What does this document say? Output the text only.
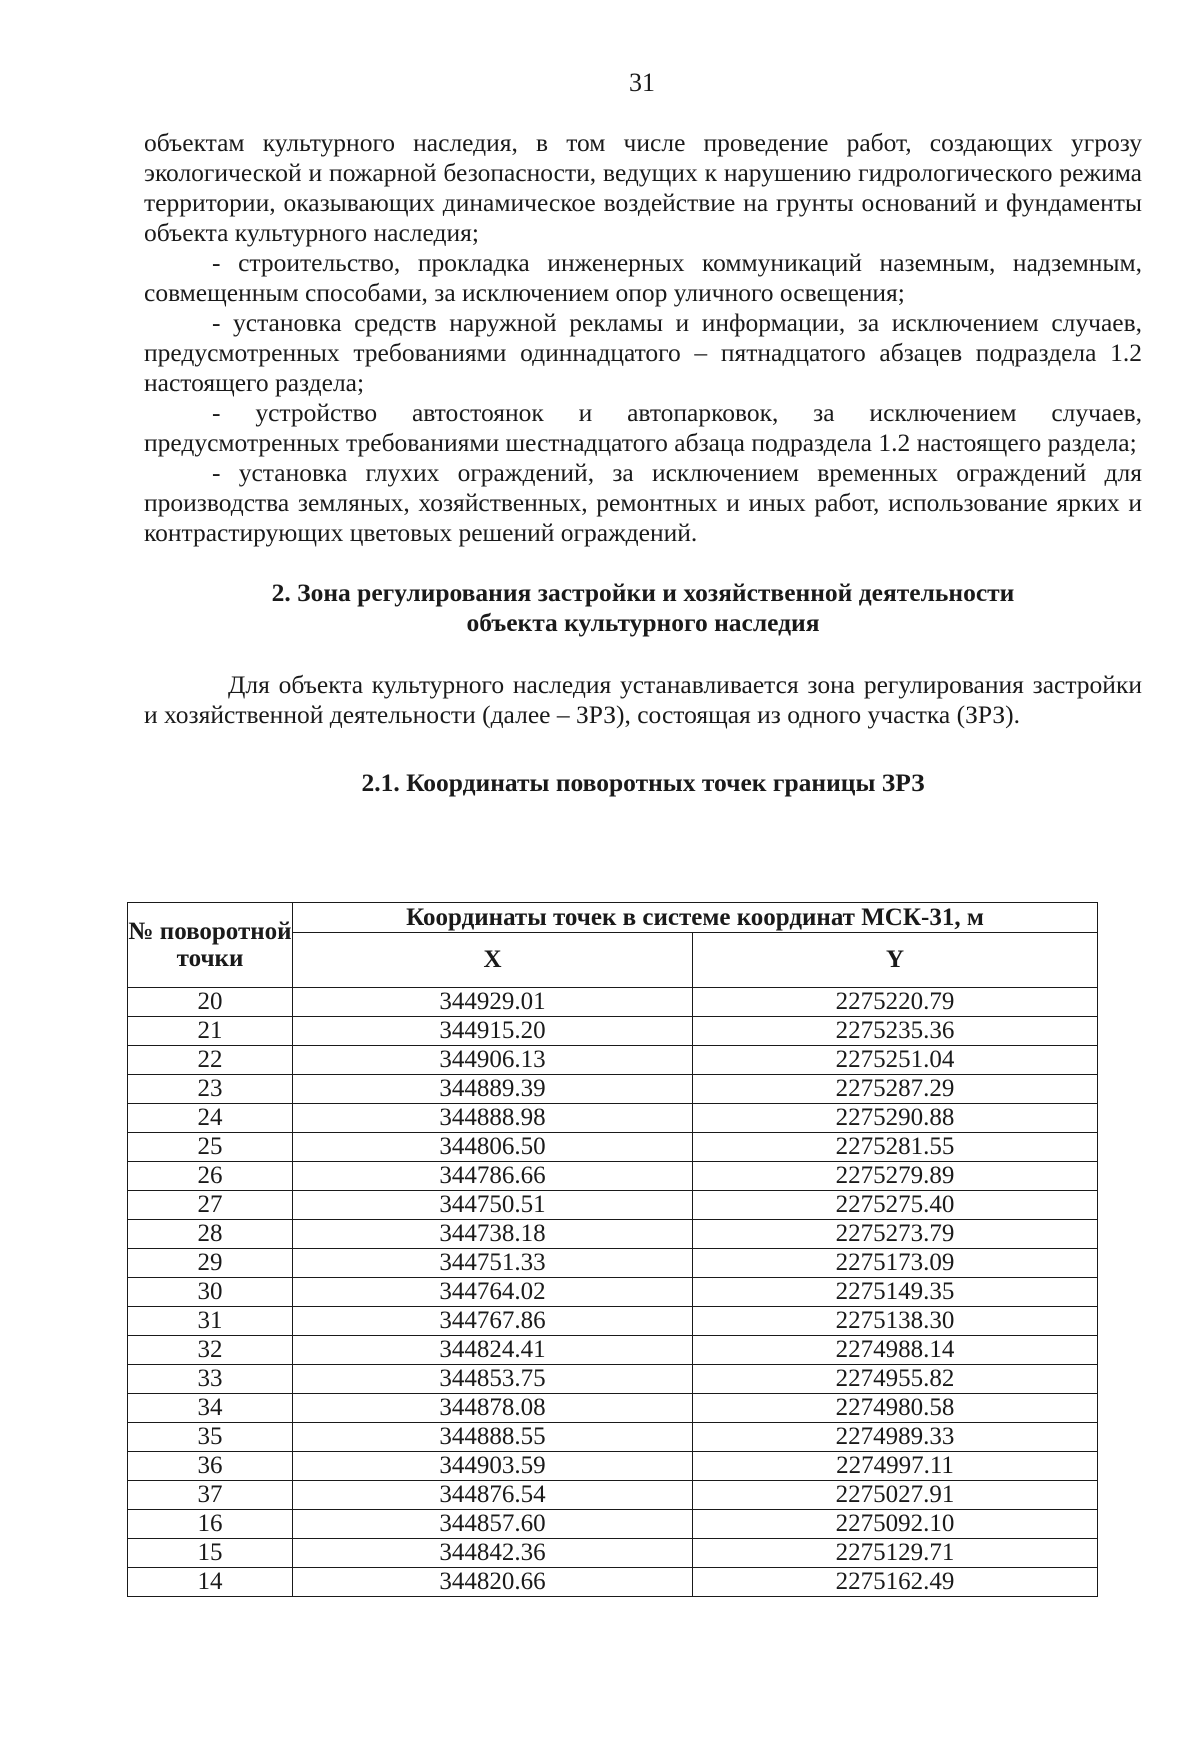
31

объектам культурного наследия, в том числе проведение работ, создающих угрозу экологической и пожарной безопасности, ведущих к нарушению гидрологического режима территории, оказывающих динамическое воздействие на грунты оснований и фундаменты объекта культурного наследия;

- строительство, прокладка инженерных коммуникаций наземным, надземным, совмещенным способами, за исключением опор уличного освещения;

- установка средств наружной рекламы и информации, за исключением случаев, предусмотренных требованиями одиннадцатого – пятнадцатого абзацев подраздела 1.2 настоящего раздела;

- устройство автостоянок и автопарковок, за исключением случаев, предусмотренных требованиями шестнадцатого абзаца подраздела 1.2 настоящего раздела;

- установка глухих ограждений, за исключением временных ограждений для производства земляных, хозяйственных, ремонтных и иных работ, использование ярких и контрастирующих цветовых решений ограждений.

2. Зона регулирования застройки и хозяйственной деятельности

объекта культурного наследия

Для объекта культурного наследия устанавливается зона регулирования застройки и хозяйственной деятельности (далее – ЗРЗ), состоящая из одного участка (ЗРЗ).

2.1. Координаты поворотных точек границы ЗРЗ

№ поворотной точки	Координаты точек в системе координат МСК-31, м	
	X	Y
20	344929.01	2275220.79
21	344915.20	2275235.36
22	344906.13	2275251.04
23	344889.39	2275287.29
24	344888.98	2275290.88
25	344806.50	2275281.55
26	344786.66	2275279.89
27	344750.51	2275275.40
28	344738.18	2275273.79
29	344751.33	2275173.09
30	344764.02	2275149.35
31	344767.86	2275138.30
32	344824.41	2274988.14
33	344853.75	2274955.82
34	344878.08	2274980.58
35	344888.55	2274989.33
36	344903.59	2274997.11
37	344876.54	2275027.91
16	344857.60	2275092.10
15	344842.36	2275129.71
14	344820.66	2275162.49
